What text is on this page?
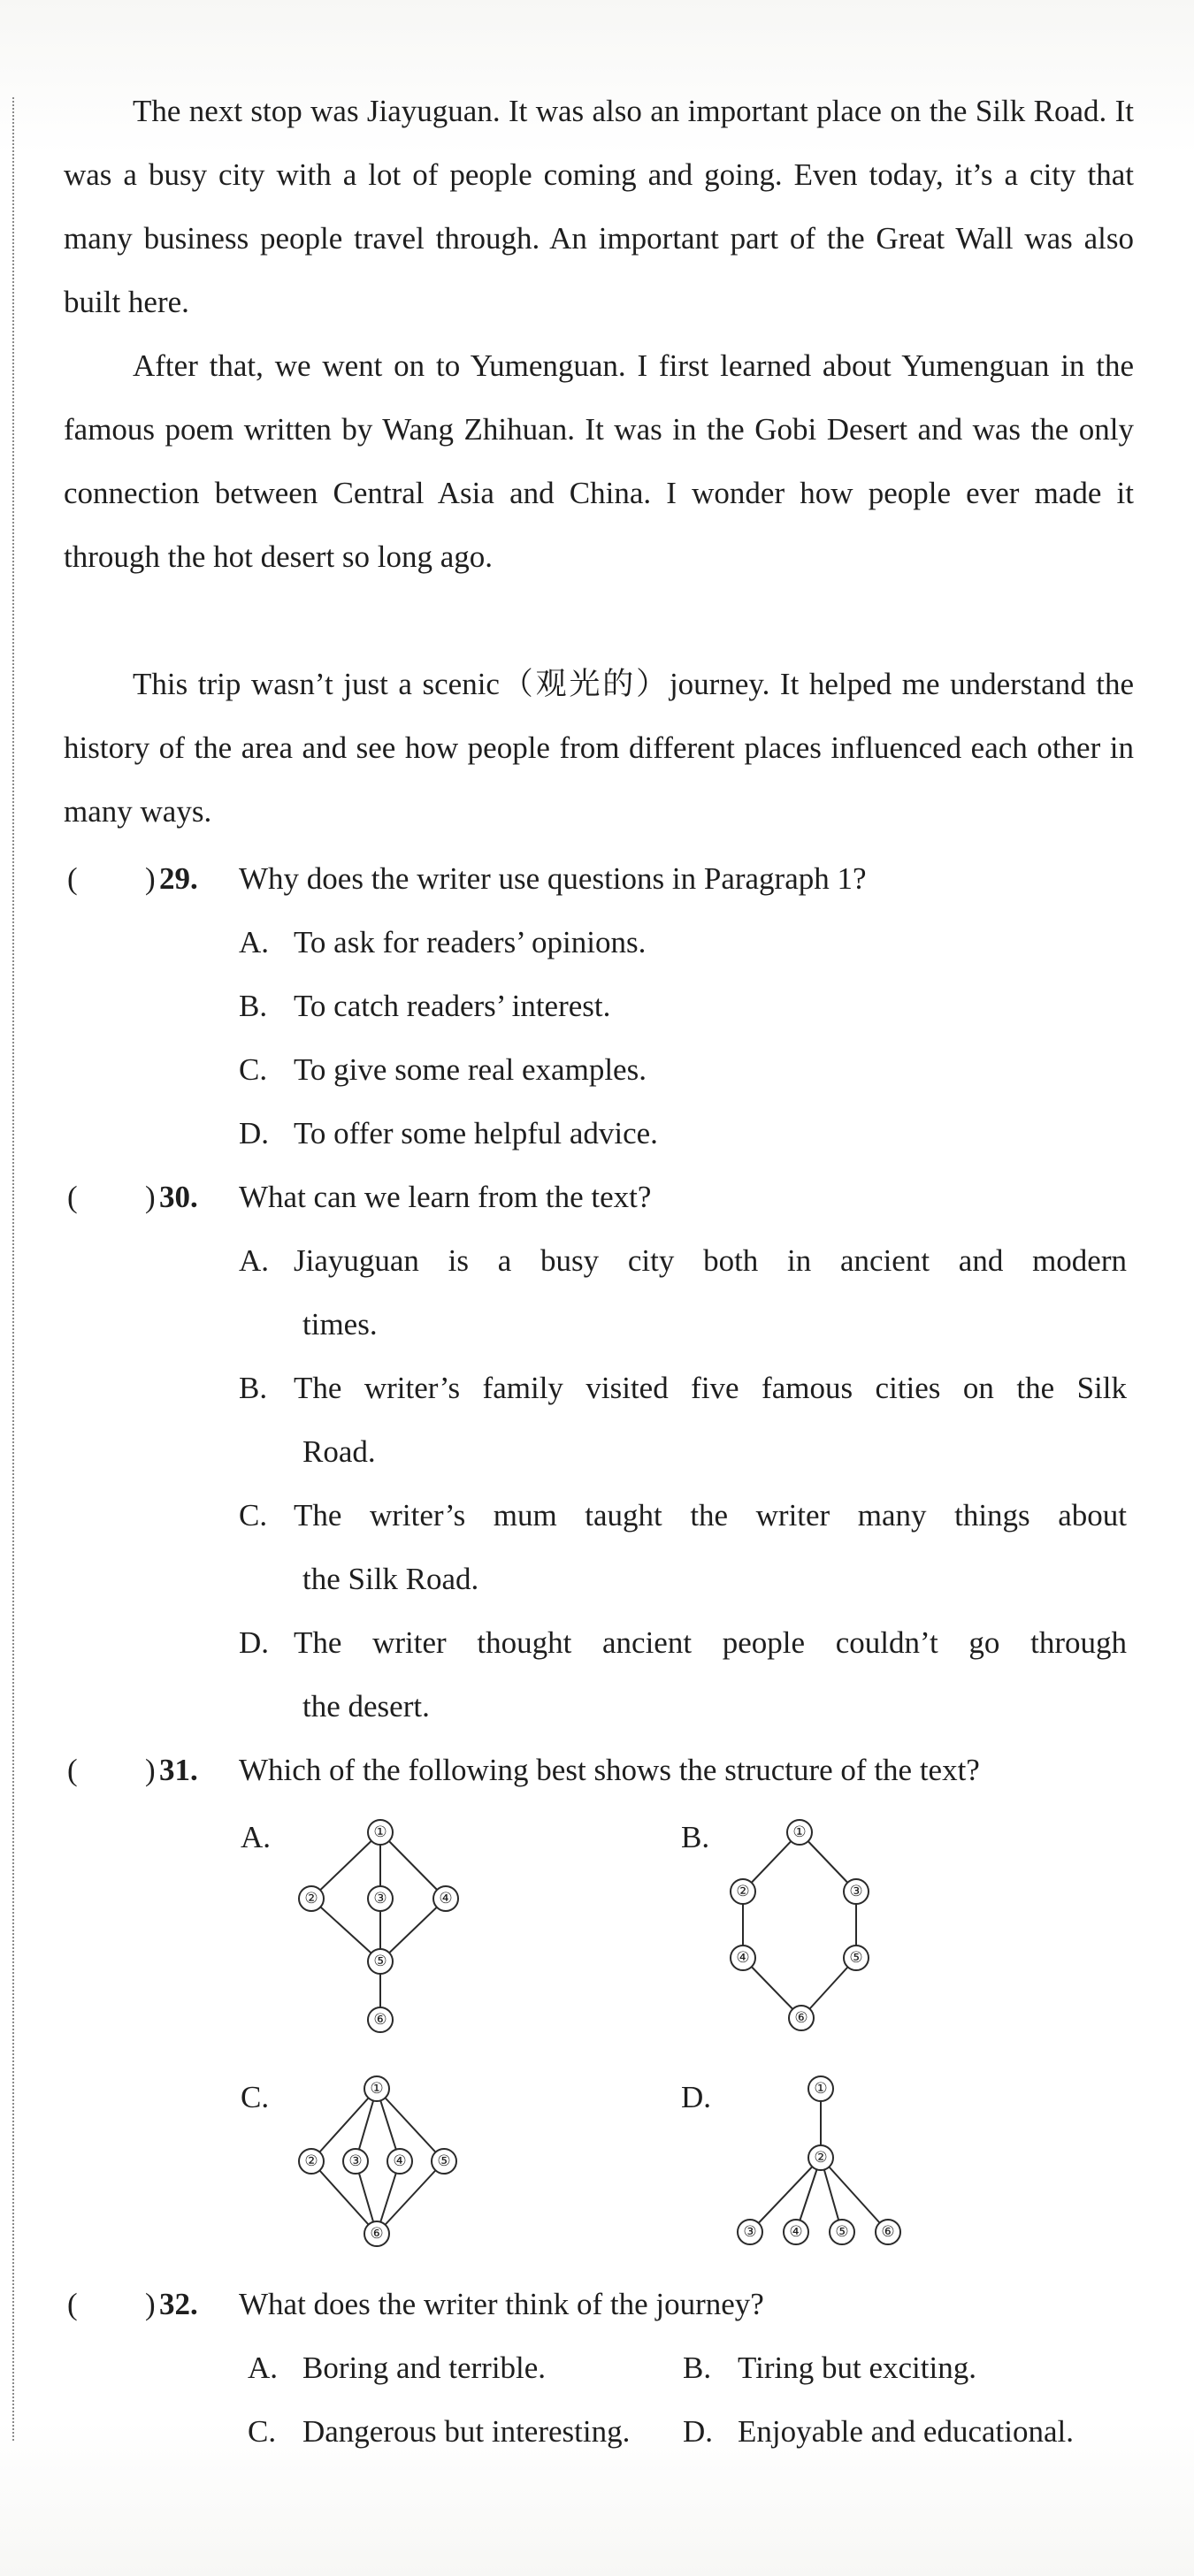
The next stop was Jiayuguan. It was also an important place on the Silk Road. It was a busy city with a lot of people coming and going. Even today, it’s a city that many business people travel through. An important part of the Great Wall was also built here.

After that, we went on to Yumenguan. I first learned about Yumenguan in the famous poem written by Wang Zhihuan. It was in the Gobi Desert and was the only connection between Central Asia and China. I wonder how people ever made it through the hot desert so long ago.

This trip wasn’t just a scenic（观光的）journey. It helped me understand the history of the area and see how people from different places influenced each other in many ways.

( ) 29. Why does the writer use questions in Paragraph 1?
A. To ask for readers’ opinions.
B. To catch readers’ interest.
C. To give some real examples.
D. To offer some helpful advice.
( ) 30. What can we learn from the text?
A. Jiayuguan is a busy city both in ancient and modern
times.
B. The writer’s family visited five famous cities on the Silk
Road.
C. The writer’s mum taught the writer many things about
the Silk Road.
D. The writer thought ancient people couldn’t go through
the desert.
( ) 31. Which of the following best shows the structure of the text?
A.	B.
C.	D.
①
②	③	④
⑤
⑥
①
②	③
④	⑤
⑥
①
② ③ ④ ⑤
⑥
①
②
③ ④ ⑤ ⑥
( ) 32. What does the writer think of the journey?
A. Boring and terrible.	B. Tiring but exciting.
C. Dangerous but interesting. D. Enjoyable and educational.
